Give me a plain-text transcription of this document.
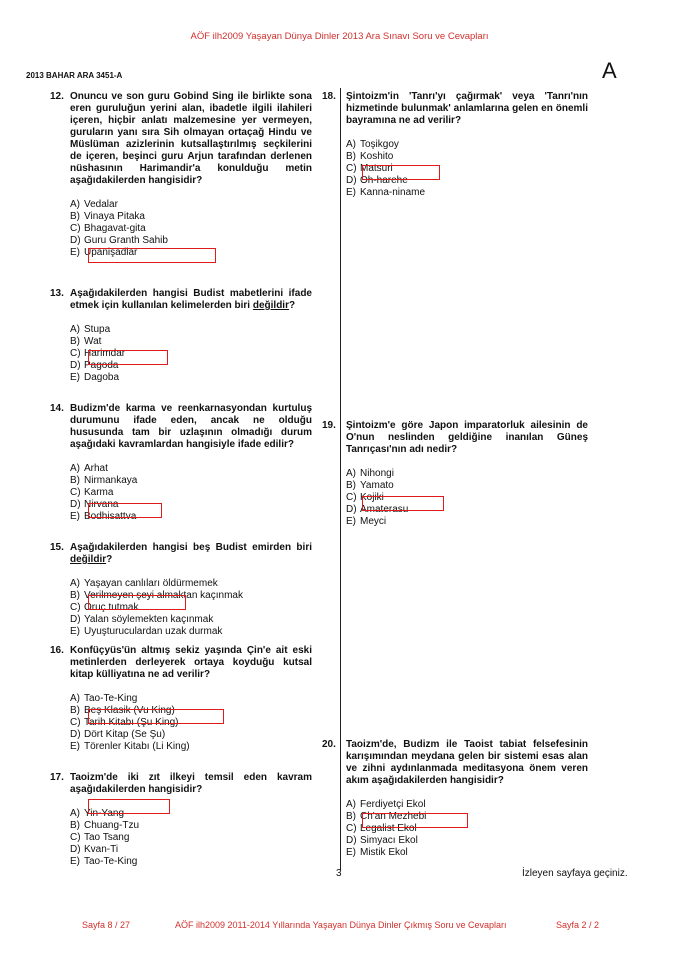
AÖF ilh2009 Yaşayan Dünya Dinler 2013 Ara Sınavı Soru ve Cevapları
2013 BAHAR ARA 3451-A	A
12. Onuncu ve son guru Gobind Sing ile birlikte sona eren guruluğun yerini alan, ibadetle ilgili ilahileri içeren, hiçbir anlatı malzemesine yer vermeyen, guruların yanı sıra Sih olmayan ortaçağ Hindu ve Müslüman azizlerinin kutsallaştırılmış seçkilerini de içeren, beşinci guru Arjun tarafından derlenen nüshasının Harimandir'a konulduğu metin aşağıdakilerden hangisidir?
A) Vedalar
B) Vinaya Pitaka
C) Bhagavat-gita
D) Guru Granth Sahib
E) Upanişadlar
13. Aşağıdakilerden hangisi Budist mabetlerini ifade etmek için kullanılan kelimelerden biri değildir?
A) Stupa
B) Wat
C) Harimdar
D) Pagoda
E) Dagoba
14. Budizm'de karma ve reenkarnasyondan kurtuluş durumunu ifade eden, ancak ne olduğu hususunda tam bir uzlaşının olmadığı durum aşağıdaki kavramlardan hangisiyle ifade edilir?
A) Arhat
B) Nirmankaya
C) Karma
D) Nirvana
E) Bodhisattva
15. Aşağıdakilerden hangisi beş Budist emirden biri değildir?
A) Yaşayan canlıları öldürmemek
B) Verilmeyen şeyi almaktan kaçınmak
C) Oruç tutmak
D) Yalan söylemekten kaçınmak
E) Uyuşturuculardan uzak durmak
16. Konfüçyüs'ün altmış sekiz yaşında Çin'e ait eski metinlerden derleyerek ortaya koyduğu kutsal kitap külliyatına ne ad verilir?
A) Tao-Te-King
B) Beş Klasik (Vu King)
C) Tarih Kitabı (Şu King)
D) Dört Kitap (Se Şu)
E) Törenler Kitabı (Li King)
17. Taoizm'de iki zıt ilkeyi temsil eden kavram aşağıdakilerden hangisidir?
A) Yin-Yang
B) Chuang-Tzu
C) Tao Tsang
D) Kvan-Ti
E) Tao-Te-King
18. Şintoizm'in 'Tanrı'yı çağırmak' veya 'Tanrı'nın hizmetinde bulunmak' anlamlarına gelen en önemli bayramına ne ad verilir?
A) Toşikgoy
B) Koshito
C) Matsuri
D) Oh-harehe
E) Kanna-niname
19. Şintoizm'e göre Japon imparatorluk ailesinin de O'nun neslinden geldiğine inanılan Güneş Tanrıçası'nın adı nedir?
A) Nihongi
B) Yamato
C) Kojiki
D) Amaterasu
E) Meyci
20. Taoizm'de, Budizm ile Taoist tabiat felsefesinin karışımından meydana gelen bir sistemi esas alan ve zihni aydınlanmada meditasyona önem veren akım aşağıdakilerden hangisidir?
A) Ferdiyetçi Ekol
B) Ch'an Mezhebi
C) Legalist Ekol
D) Simyacı Ekol
E) Mistik Ekol
3	İzleyen sayfaya geçiniz.
Sayfa 8 / 27	AÖF ilh2009 2011-2014 Yıllarında Yaşayan Dünya Dinler Çıkmış Soru ve Cevapları	Sayfa 2 / 2
